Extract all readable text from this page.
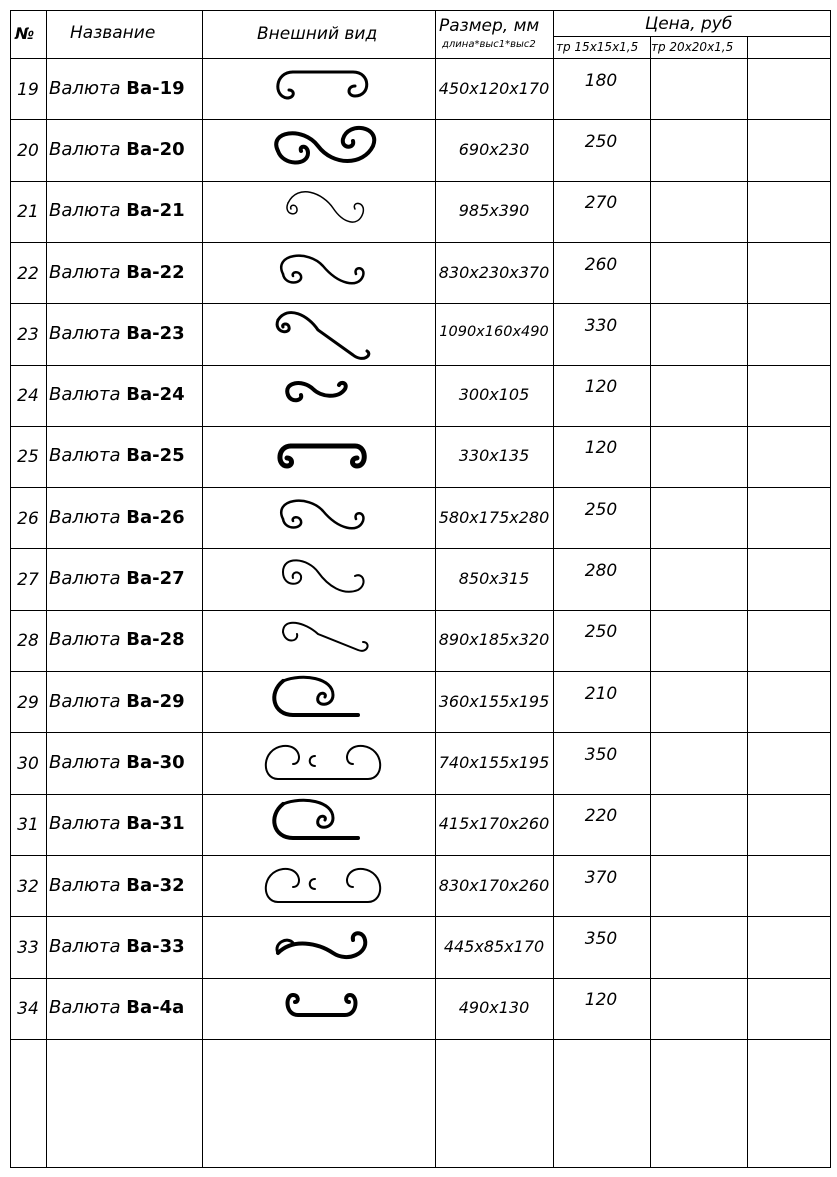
№ Название	Внешний вид	Размер, мм
длина*выс1*выс2
Цена, руб
тр 15х15х1,5 тр 20х20х1,5
19 Валюта Ва-19	450х120х170	180
20 Валюта Ва-20	690х230	250
21 Валюта Ва-21	985х390	270
22 Валюта Ва-22	830х230х370	260
23 Валюта Ва-23	1090х160х490	330
24 Валюта Ва-24	300х105	120
25 Валюта Ва-25	330х135	120
26 Валюта Ва-26	580х175х280	250
27 Валюта Ва-27	850х315	280
28 Валюта Ва-28	890х185х320	250
29 Валюта Ва-29	360х155х195	210
30 Валюта Ва-30	740х155х195	350
31 Валюта Ва-31	415х170х260	220
32 Валюта Ва-32	830х170х260	370
33 Валюта Ва-33	445х85х170	350
34 Валюта Ва-4а	490х130	120
